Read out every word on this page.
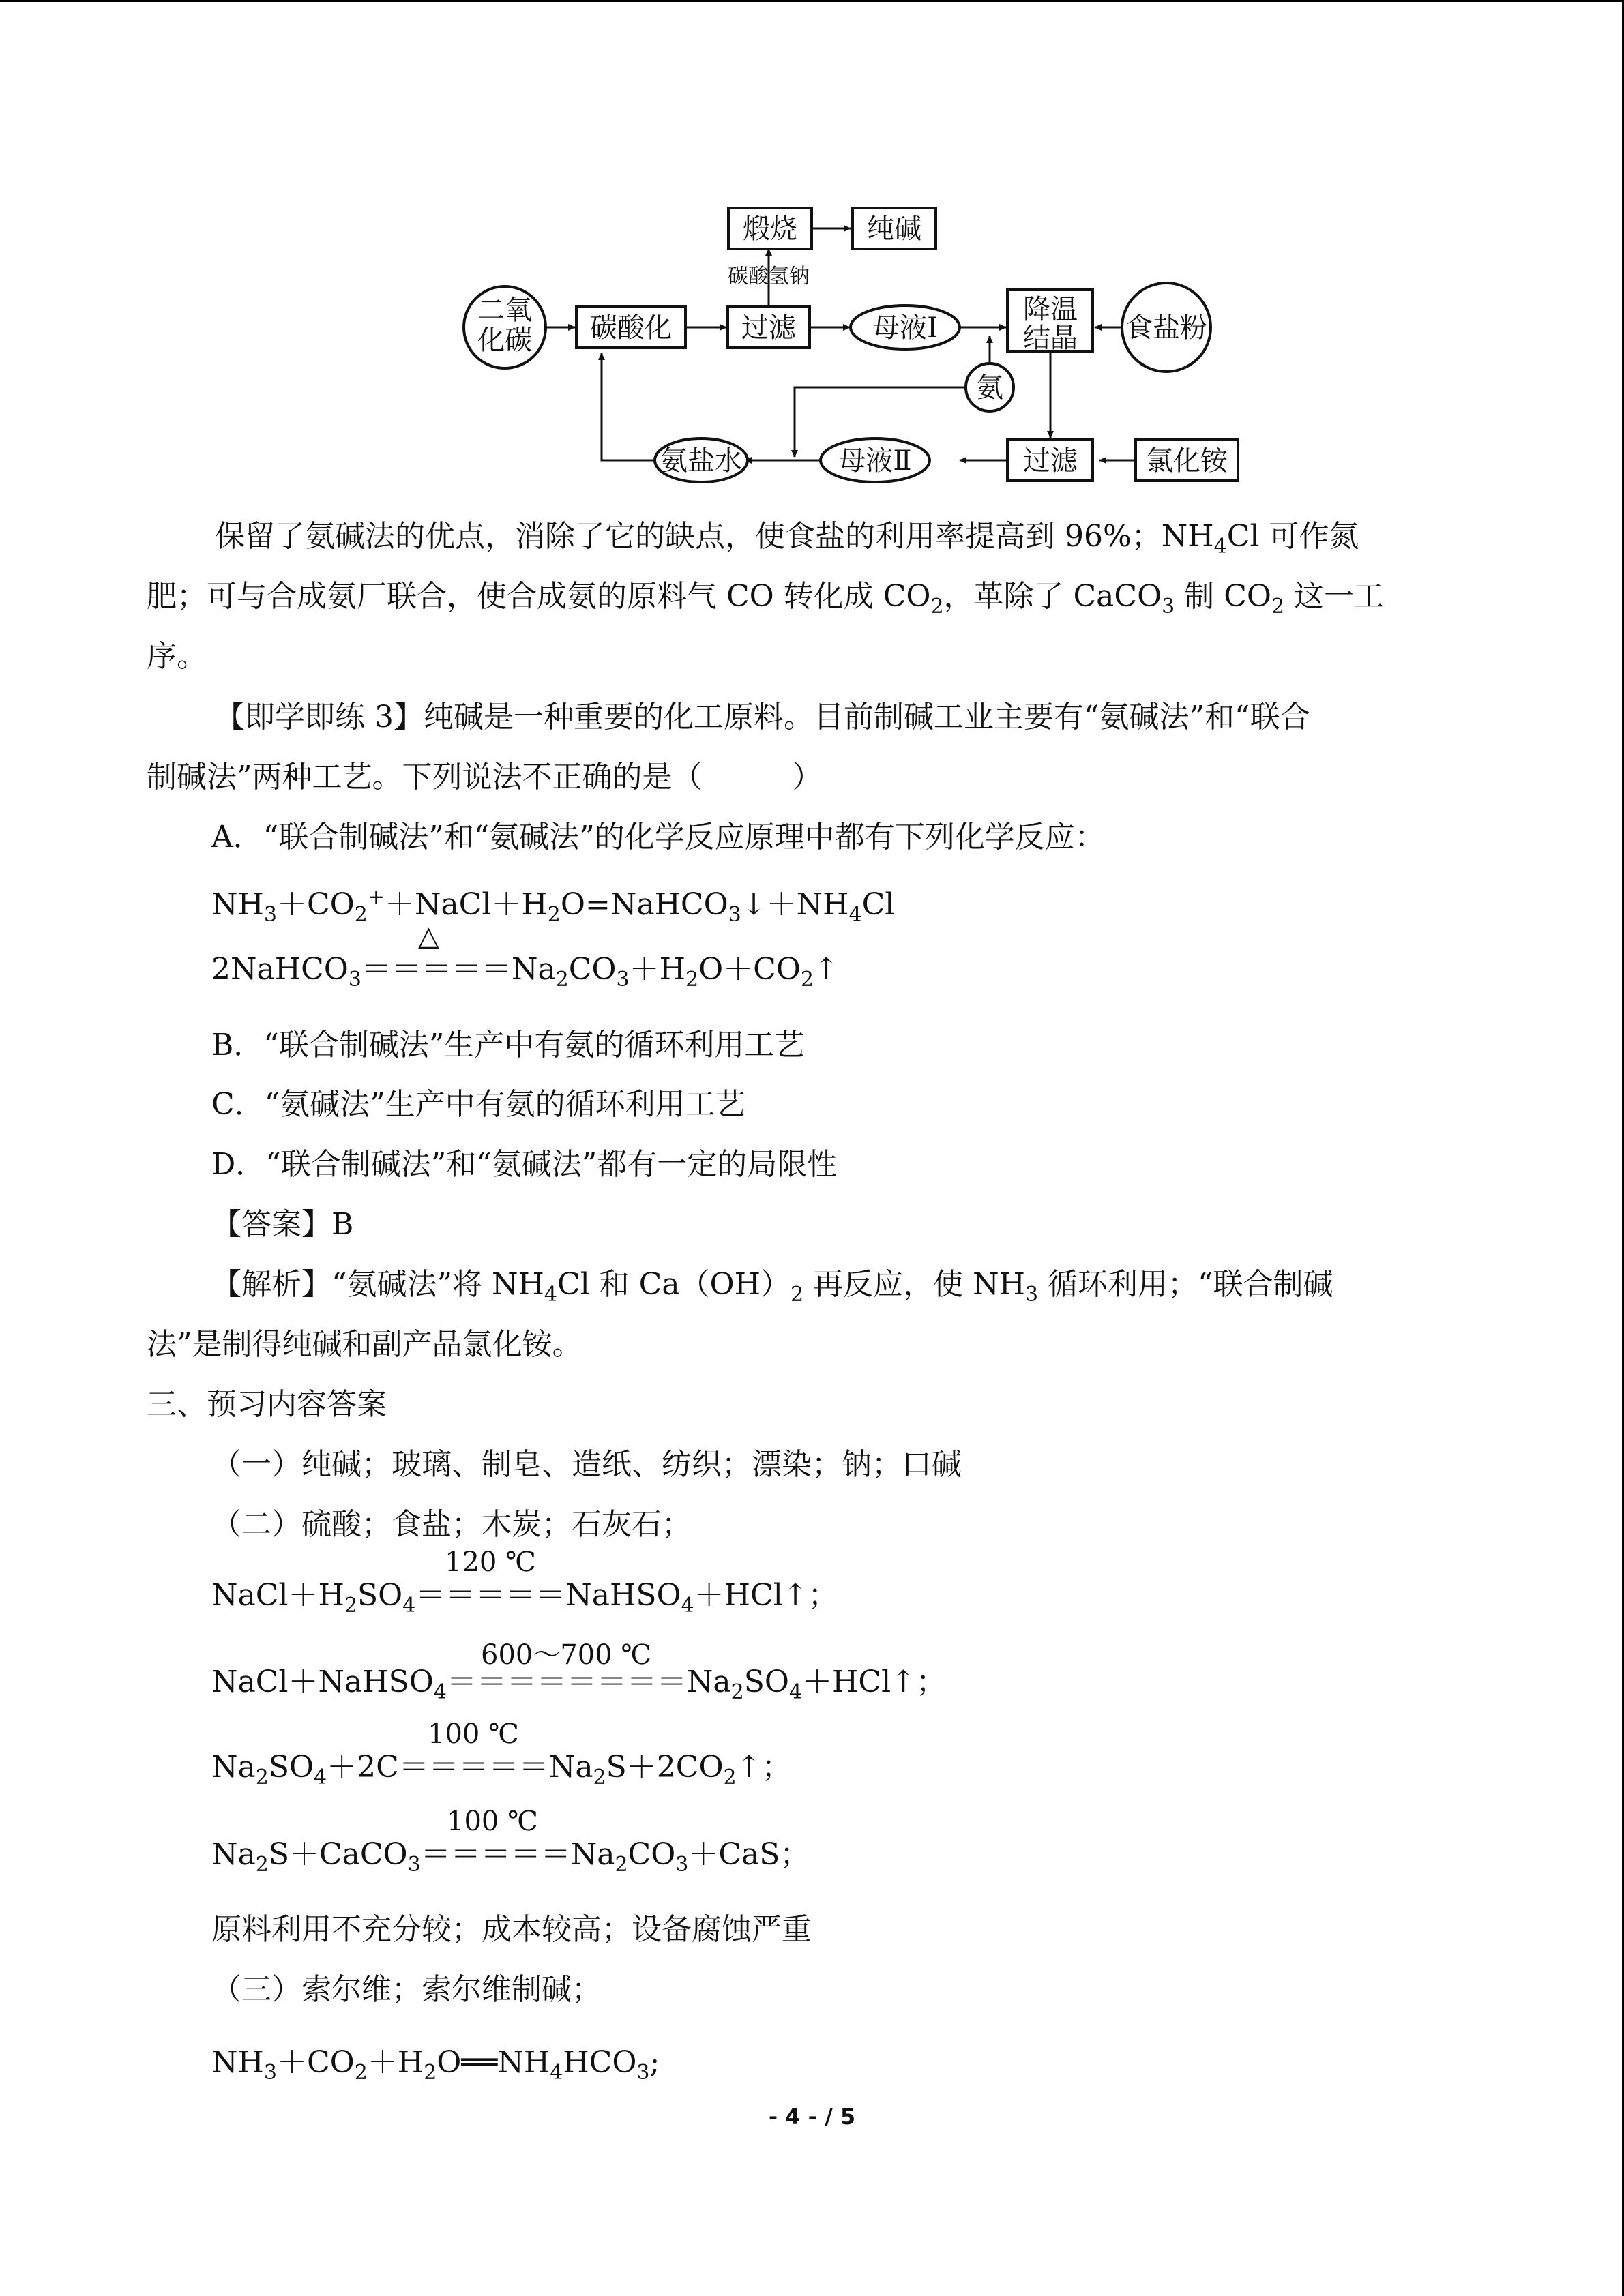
二氧
化碳 碳酸化	过滤	母液Ⅰ
降温
结晶 食盐粉
煅烧	纯碱
碳酸氢钠
氨
氨盐水	母液Ⅱ	过滤	氯化铵
保留了氨碱法的优点，消除了它的缺点，使食盐的利用率提高到 96%；$NH_4Cl$ 可作氮
肥；可与合成氨厂联合，使合成氨的原料气 CO 转化成 $CO_2$，革除了 CaCO$_3$ 制 $CO_2$ 这一工
序。
【即学即练 3】纯碱是一种重要的化工原料。目前制碱工业主要有“氨碱法”和“联合
制碱法”两种工艺。下列说法不正确的是（　　　）
A．“联合制碱法”和“氨碱法”的化学反应原理中都有下列化学反应：
$NH_3+CO_2^++NaCl+H_2O=NaHCO_3↓+NH_4Cl$
△
$2NaHCO_3=====Na_2CO_3+H_2O+CO_2↑$
B．“联合制碱法”生产中有氨的循环利用工艺
C．“氨碱法”生产中有氨的循环利用工艺
D．“联合制碱法”和“氨碱法”都有一定的局限性
【答案】B
【解析】“氨碱法”将 $NH_4Cl$ 和 $Ca(OH)_2$ 再反应，使 $NH_3$ 循环利用；“联合制碱
法”是制得纯碱和副产品氯化铵。
三、预习内容答案
（一）纯碱；玻璃、制皂、造纸、纺织；漂染；钠；口碱
（二）硫酸；食盐；木炭；石灰石；
120 ℃
$NaCl+H_2SO_4=====NaHSO_4+HCl↑$；
600～700 ℃
$NaCl+NaHSO_4========Na_2SO_4+HCl↑$；
100 ℃
$Na_2SO_4+2C=====Na_2S+2CO_2↑$；
100 ℃
$Na_2S+CaCO_3=====Na_2CO_3+CaS$；
原料利用不充分较；成本较高；设备腐蚀严重
（三）索尔维；索尔维制碱；
$NH_3+CO_2+H_2O══NH_4HCO_3$;
- 4 - / 5
